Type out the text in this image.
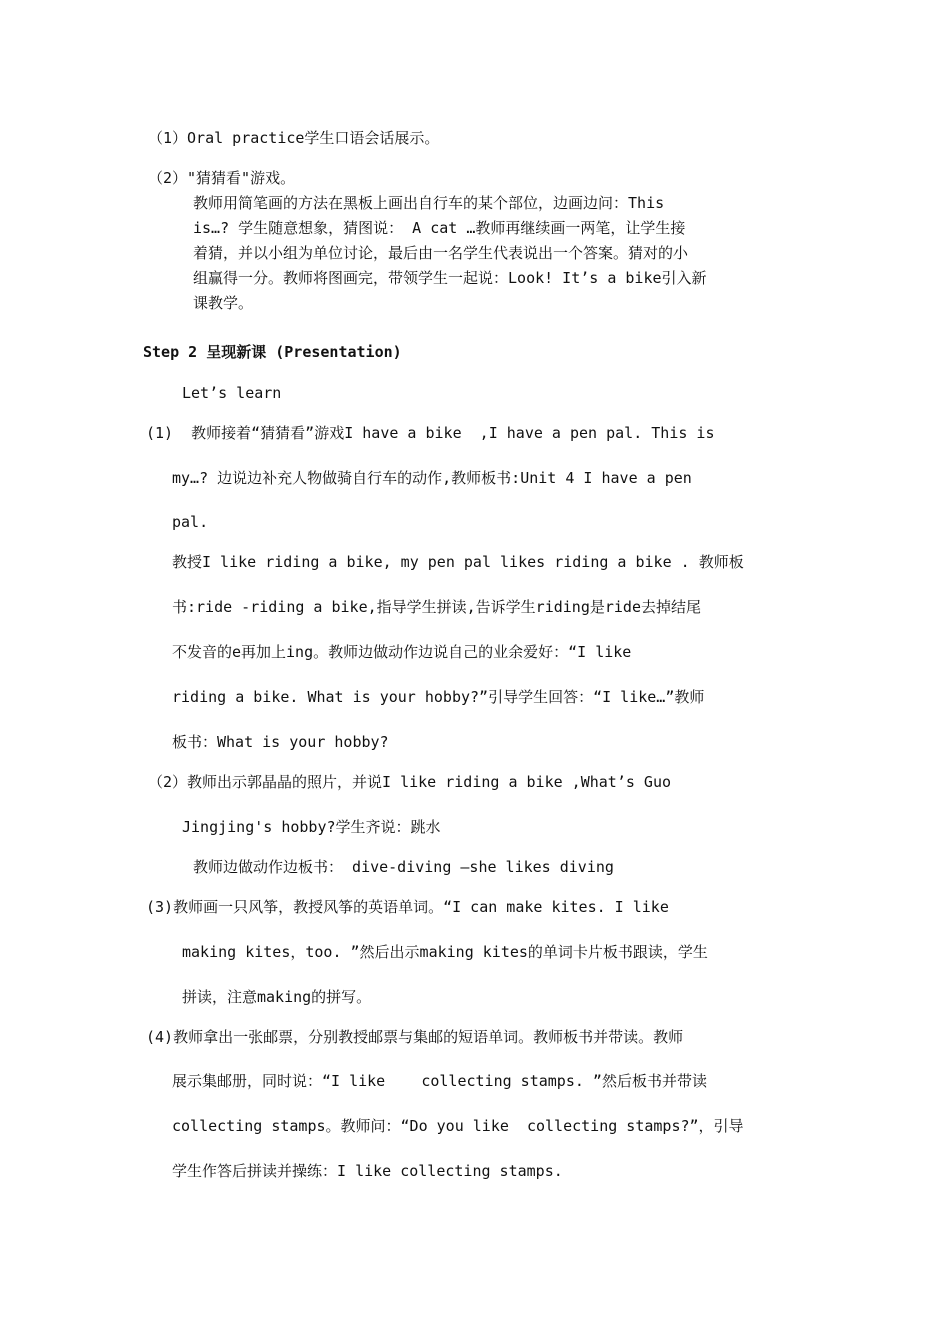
（1）Oral practice学生口语会话展示。
（2）"猜猜看"游戏。
教师用简笔画的方法在黑板上画出自行车的某个部位，边画边问：This
is…? 学生随意想象，猜图说： A cat …教师再继续画一两笔，让学生接
着猜，并以小组为单位讨论，最后由一名学生代表说出一个答案。猜对的小
组赢得一分。教师将图画完，带领学生一起说：Look! It’s a bike引入新
课教学。
Step 2 呈现新课 (Presentation)
Let’s learn
(1)  教师接着“猜猜看”游戏I have a bike  ,I have a pen pal. This is
my…? 边说边补充人物做骑自行车的动作,教师板书:Unit 4 I have a pen
pal.
教授I like riding a bike, my pen pal likes riding a bike . 教师板
书:ride -riding a bike,指导学生拼读,告诉学生riding是ride去掉结尾
不发音的e再加上ing。教师边做动作边说自己的业余爱好：“I like
riding a bike. What is your hobby?”引导学生回答：“I like…”教师
板书：What is your hobby?
（2）教师出示郭晶晶的照片，并说I like riding a bike ,What’s Guo
Jingjing's hobby?学生齐说：跳水
教师边做动作边板书： dive-diving –she likes diving
(3)教师画一只风筝，教授风筝的英语单词。“I can make kites. I like
making kites，too. ”然后出示making kites的单词卡片板书跟读，学生
拼读，注意making的拼写。
(4)教师拿出一张邮票，分别教授邮票与集邮的短语单词。教师板书并带读。教师
展示集邮册，同时说：“I like    collecting stamps. ”然后板书并带读
collecting stamps。教师问：“Do you like  collecting stamps?”，引导
学生作答后拼读并操练：I like collecting stamps.
